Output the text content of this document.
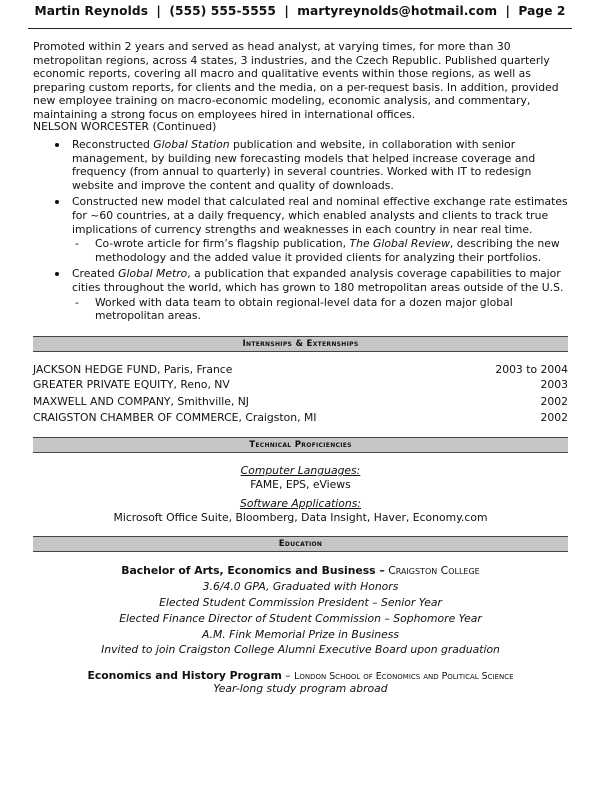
Martin Reynolds | (555) 555-5555 | martyreynolds@hotmail.com | Page 2

Promoted within 2 years and served as head analyst, at varying times, for more than 30 metropolitan regions, across 4 states, 3 industries, and the Czech Republic. Published quarterly economic reports, covering all macro and qualitative events within those regions, as well as preparing custom reports, for clients and the media, on a per-request basis. In addition, provided new employee training on macro-economic modeling, economic analysis, and commentary, maintaining a strong focus on employees hired in international offices.

NELSON WORCESTER (Continued)
Reconstructed Global Station publication and website, in collaboration with senior management, by building new forecasting models that helped increase coverage and frequency (from annual to quarterly) in several countries. Worked with IT to redesign website and improve the content and quality of downloads.
Constructed new model that calculated real and nominal effective exchange rate estimates for ~60 countries, at a daily frequency, which enabled analysts and clients to track true implications of currency strengths and weaknesses in each country in near real time.
- Co-wrote article for firm’s flagship publication, The Global Review, describing the new methodology and the added value it provided clients for analyzing their portfolios.
Created Global Metro, a publication that expanded analysis coverage capabilities to major cities throughout the world, which has grown to 180 metropolitan areas outside of the U.S.
- Worked with data team to obtain regional-level data for a dozen major global metropolitan areas.
Internships & Externships
JACKSON HEDGE FUND, Paris, France	2003 to 2004
GREATER PRIVATE EQUITY, Reno, NV	2003
MAXWELL AND COMPANY, Smithville, NJ	2002
CRAIGSTON CHAMBER OF COMMERCE, Craigston, MI	2002
Technical Proficiencies
Computer Languages:
FAME, EPS, eViews
Software Applications:
Microsoft Office Suite, Bloomberg, Data Insight, Haver, Economy.com
Education
Bachelor of Arts, Economics and Business – Craigston College
3.6/4.0 GPA, Graduated with Honors
Elected Student Commission President – Senior Year
Elected Finance Director of Student Commission – Sophomore Year
A.M. Fink Memorial Prize in Business
Invited to join Craigston College Alumni Executive Board upon graduation
Economics and History Program – London School of Economics and Political Science
Year-long study program abroad
